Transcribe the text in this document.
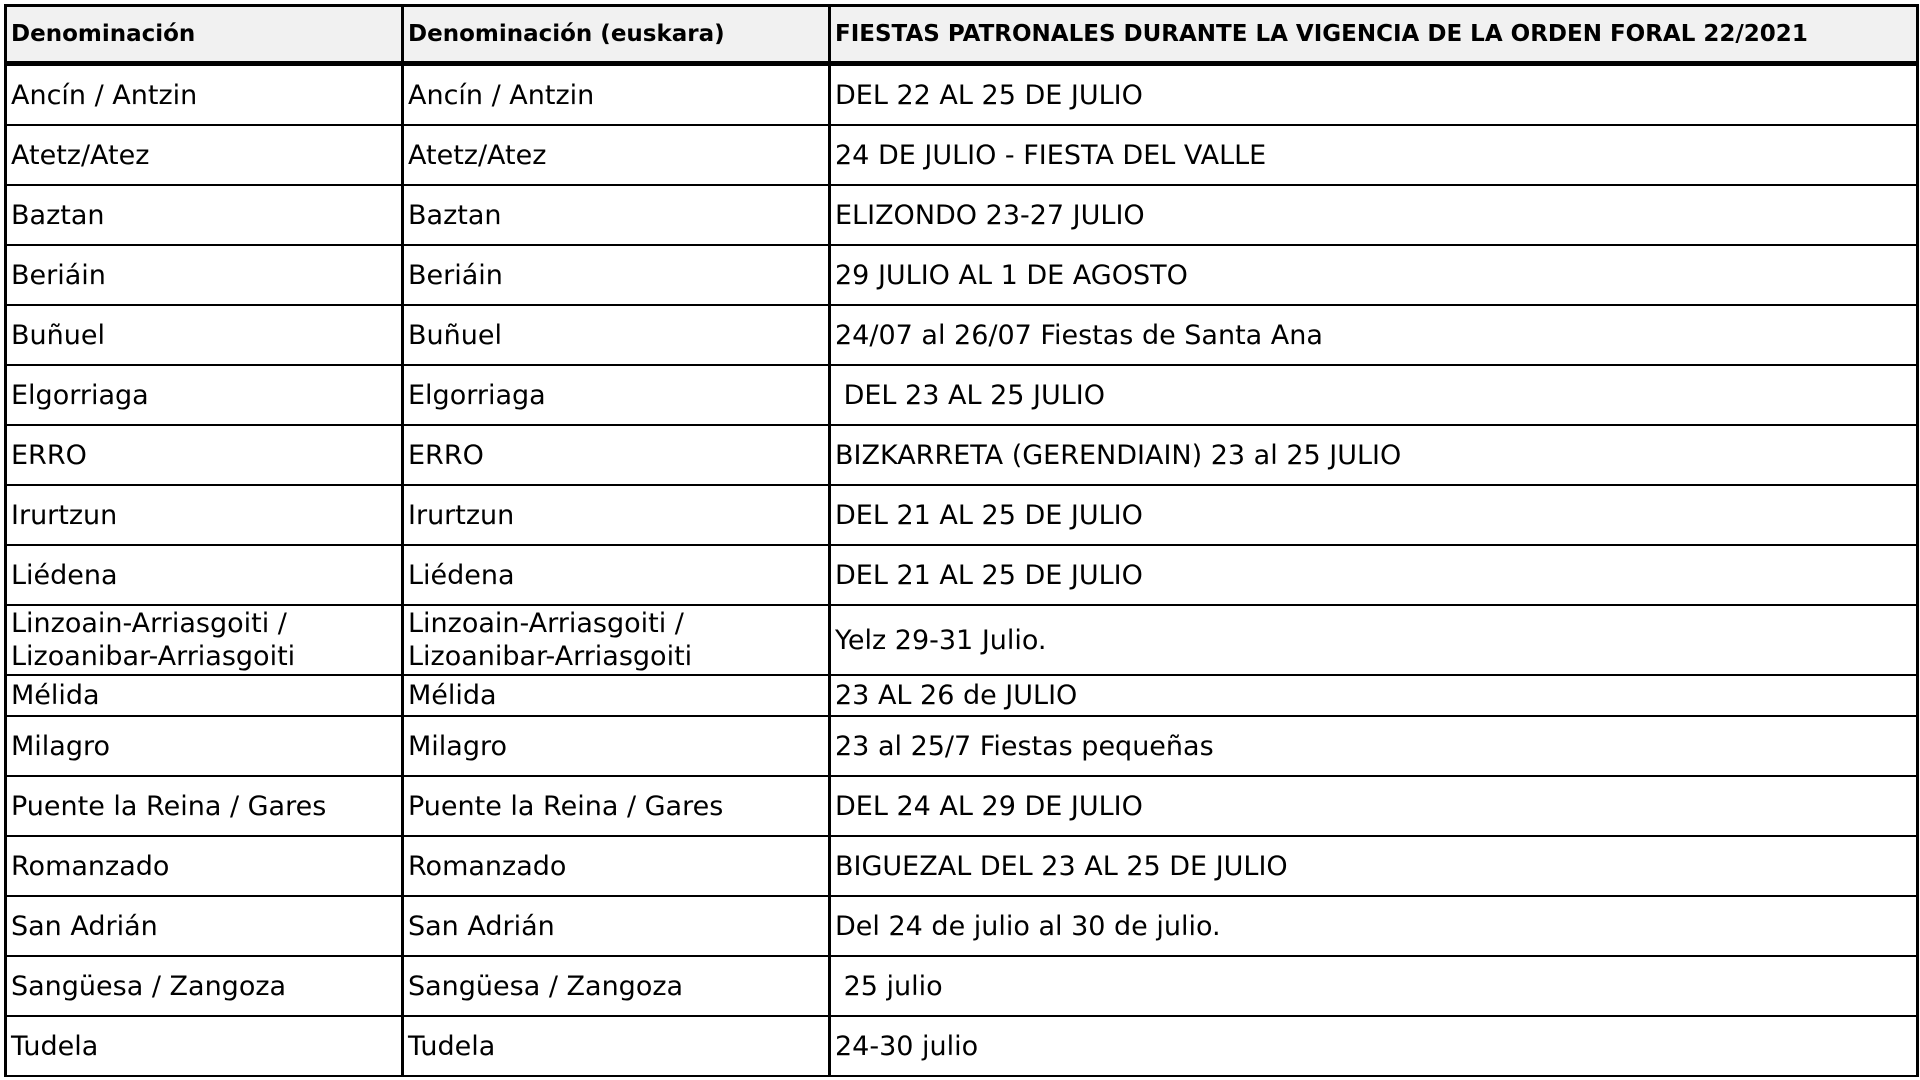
Denominación	Denominación (euskara)	FIESTAS PATRONALES DURANTE LA VIGENCIA DE LA ORDEN FORAL 22/2021
Ancín / Antzin	Ancín / Antzin	DEL 22 AL 25 DE JULIO
Atetz/Atez	Atetz/Atez	24 DE JULIO - FIESTA DEL VALLE
Baztan	Baztan	ELIZONDO 23-27 JULIO
Beriáin	Beriáin	29 JULIO AL 1 DE AGOSTO
Buñuel	Buñuel	24/07 al 26/07 Fiestas de Santa Ana
Elgorriaga	Elgorriaga	DEL 23 AL 25 JULIO
ERRO	ERRO	BIZKARRETA (GERENDIAIN) 23 al 25 JULIO
Irurtzun	Irurtzun	DEL 21 AL 25 DE JULIO
Liédena	Liédena	DEL 21 AL 25 DE JULIO
Linzoain-Arriasgoiti / Lizoanibar-Arriasgoiti	Linzoain-Arriasgoiti / Lizoanibar-Arriasgoiti	Yelz 29-31 Julio.
Mélida	Mélida	23 AL 26 de JULIO
Milagro	Milagro	23 al 25/7 Fiestas pequeñas
Puente la Reina / Gares	Puente la Reina / Gares	DEL 24 AL 29 DE JULIO
Romanzado	Romanzado	BIGUEZAL DEL 23 AL 25 DE JULIO
San Adrián	San Adrián	Del 24 de julio al 30 de julio.
Sangüesa / Zangoza	Sangüesa / Zangoza	25 julio
Tudela	Tudela	24-30 julio
